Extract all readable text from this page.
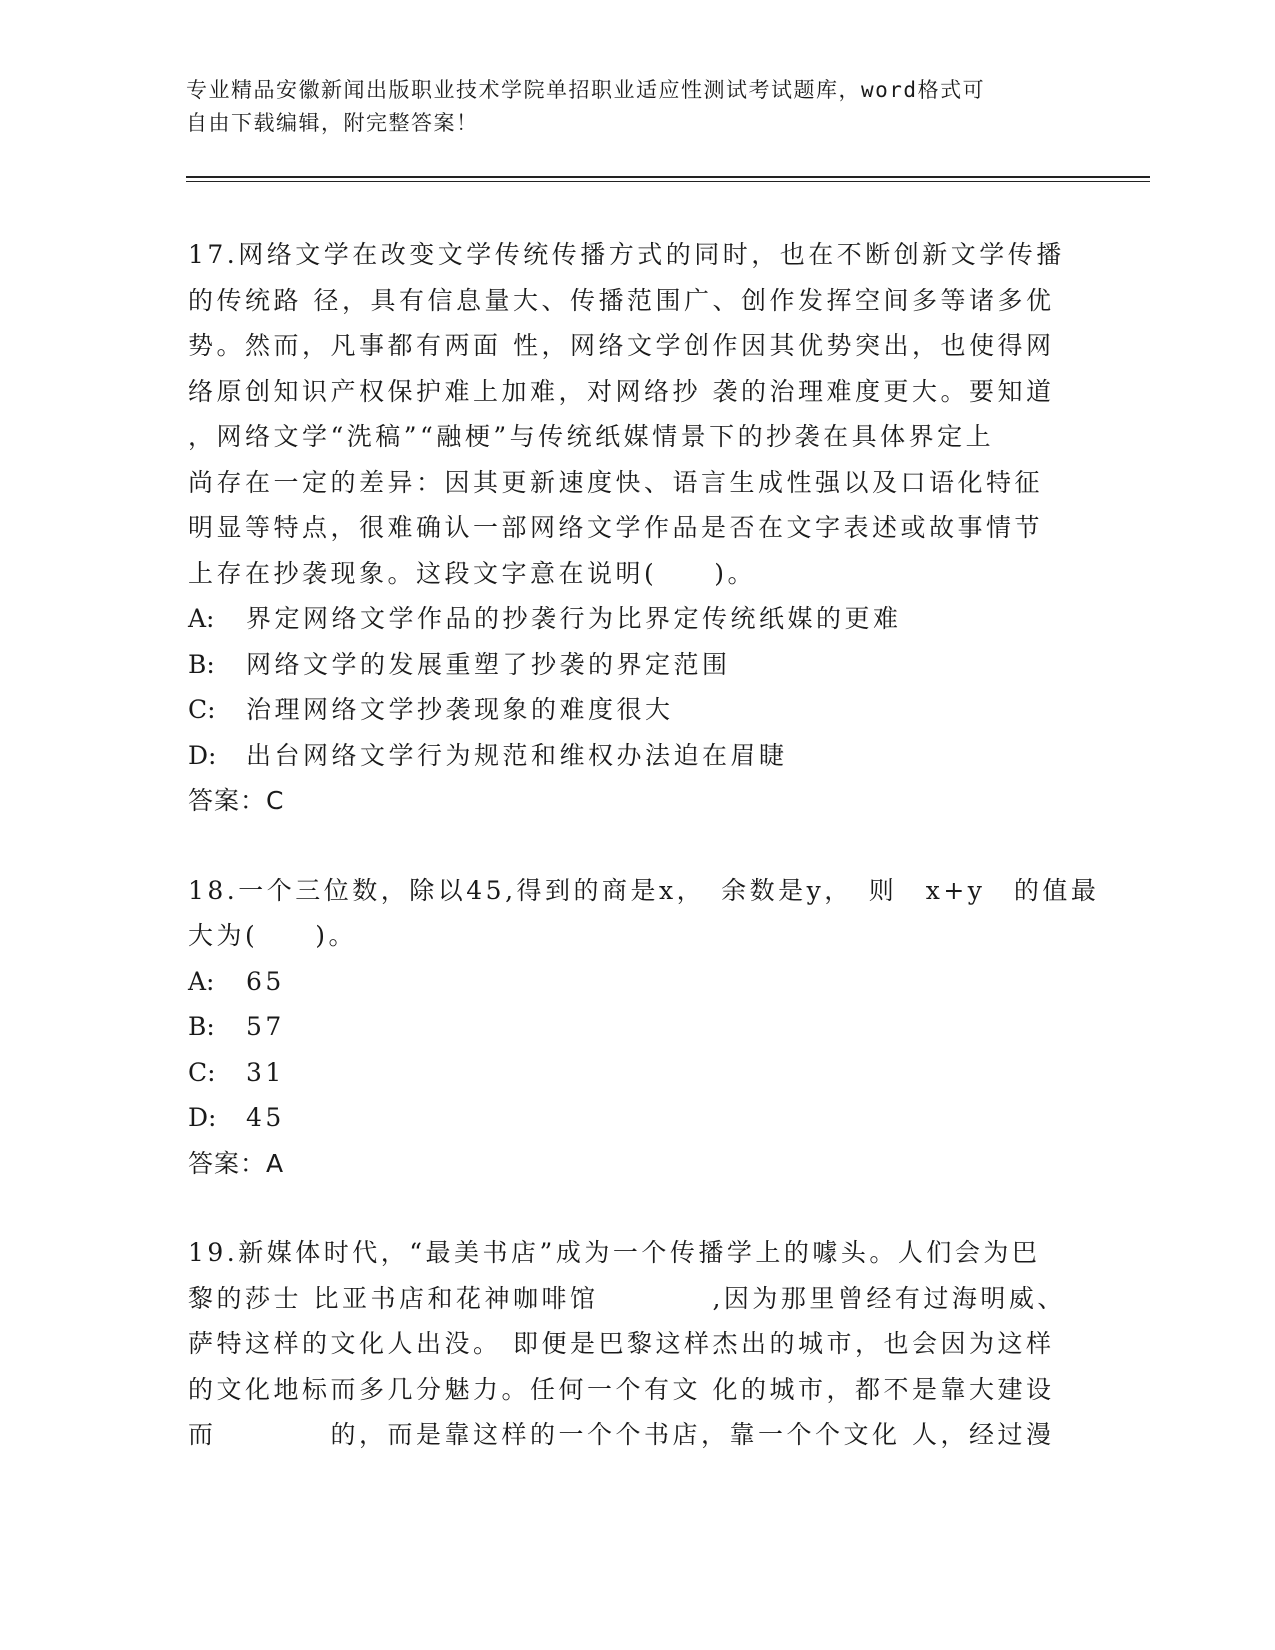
专业精品安徽新闻出版职业技术学院单招职业适应性测试考试题库，word格式可
自由下载编辑，附完整答案！
17.网络文学在改变文学传统传播方式的同时，也在不断创新文学传播
的传统路 径，具有信息量大、传播范围广、创作发挥空间多等诸多优
势。然而，凡事都有两面 性，网络文学创作因其优势突出，也使得网
络原创知识产权保护难上加难，对网络抄 袭的治理难度更大。要知道
，网络文学“洗稿”“融梗”与传统纸媒情景下的抄袭在具体界定上
尚存在一定的差异：因其更新速度快、语言生成性强以及口语化特征
明显等特点，很难确认一部网络文学作品是否在文字表述或故事情节
上存在抄袭现象。这段文字意在说明(　　)。
A: 界定网络文学作品的抄袭行为比界定传统纸媒的更难
B: 网络文学的发展重塑了抄袭的界定范围
C: 治理网络文学抄袭现象的难度很大
D: 出台网络文学行为规范和维权办法迫在眉睫
答案：C
18.一个三位数，除以45,得到的商是x，　余数是y，　则　x+y　的值最
大为(　　)。
A: 65
B: 57
C: 31
D: 45
答案：A
19.新媒体时代，“最美书店”成为一个传播学上的噱头。人们会为巴
黎的莎士 比亚书店和花神咖啡馆　　　　,因为那里曾经有过海明威、
萨特这样的文化人出没。 即便是巴黎这样杰出的城市，也会因为这样
的文化地标而多几分魅力。任何一个有文 化的城市，都不是靠大建设
而　　　　的，而是靠这样的一个个书店，靠一个个文化 人，经过漫
